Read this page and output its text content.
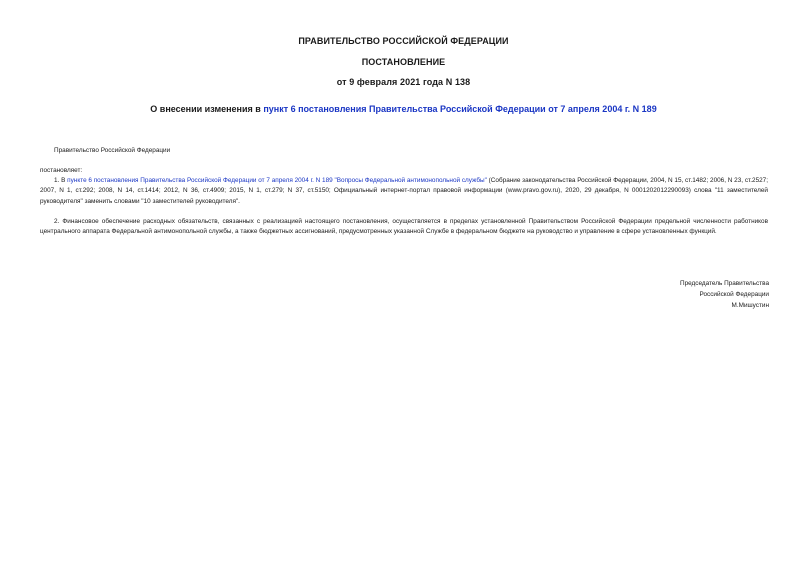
ПРАВИТЕЛЬСТВО РОССИЙСКОЙ ФЕДЕРАЦИИ
ПОСТАНОВЛЕНИЕ
от 9 февраля 2021 года N 138
О внесении изменения в пункт 6 постановления Правительства Российской Федерации от 7 апреля 2004 г. N 189
Правительство Российской Федерации
постановляет:
1. В пункте 6 постановления Правительства Российской Федерации от 7 апреля 2004 г. N 189 "Вопросы Федеральной антимонопольной службы" (Собрание законодательства Российской Федерации, 2004, N 15, ст.1482; 2006, N 23, ст.2527; 2007, N 1, ст.292; 2008, N 14, ст.1414; 2012, N 36, ст.4909; 2015, N 1, ст.279; N 37, ст.5150; Официальный интернет-портал правовой информации (www.pravo.gov.ru), 2020, 29 декабря, N 0001202012290093) слова "11 заместителей руководителя" заменить словами "10 заместителей руководителя".
2. Финансовое обеспечение расходных обязательств, связанных с реализацией настоящего постановления, осуществляется в пределах установленной Правительством Российской Федерации предельной численности работников центрального аппарата Федеральной антимонопольной службы, а также бюджетных ассигнований, предусмотренных указанной Службе в федеральном бюджете на руководство и управление в сфере установленных функций.
Председатель Правительства
Российской Федерации
М.Мишустин
